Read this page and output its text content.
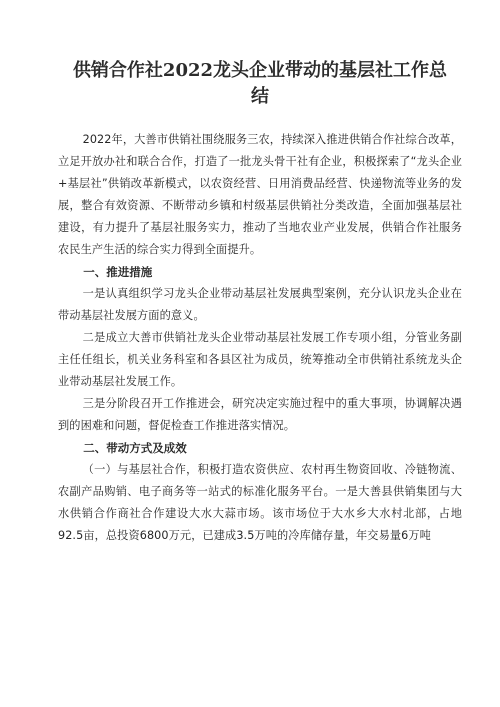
供销合作社2022龙头企业带动的基层社工作总结

2022年，大善市供销社围绕服务三农，持续深入推进供销合作社综合改革，立足开放办社和联合合作，打造了一批龙头骨干社有企业，积极探索了“龙头企业+基层社”供销改革新模式，以农资经营、日用消费品经营、快递物流等业务的发展，整合有效资源、不断带动乡镇和村级基层供销社分类改造，全面加强基层社建设，有力提升了基层社服务实力，推动了当地农业产业发展，供销合作社服务农民生产生活的综合实力得到全面提升。

一、推进措施

一是认真组织学习龙头企业带动基层社发展典型案例，充分认识龙头企业在带动基层社发展方面的意义。

二是成立大善市供销社龙头企业带动基层社发展工作专项小组，分管业务副主任任组长，机关业务科室和各县区社为成员，统筹推动全市供销社系统龙头企业带动基层社发展工作。

三是分阶段召开工作推进会，研究决定实施过程中的重大事项，协调解决遇到的困难和问题，督促检查工作推进落实情况。

二、带动方式及成效

（一）与基层社合作，积极打造农资供应、农村再生物资回收、冷链物流、农副产品购销、电子商务等一站式的标准化服务平台。一是大善县供销集团与大水供销合作商社合作建设大水大蒜市场。该市场位于大水乡大水村北部，占地92.5亩，总投资6800万元，已建成3.5万吨的冷库储存量，年交易量6万吨
